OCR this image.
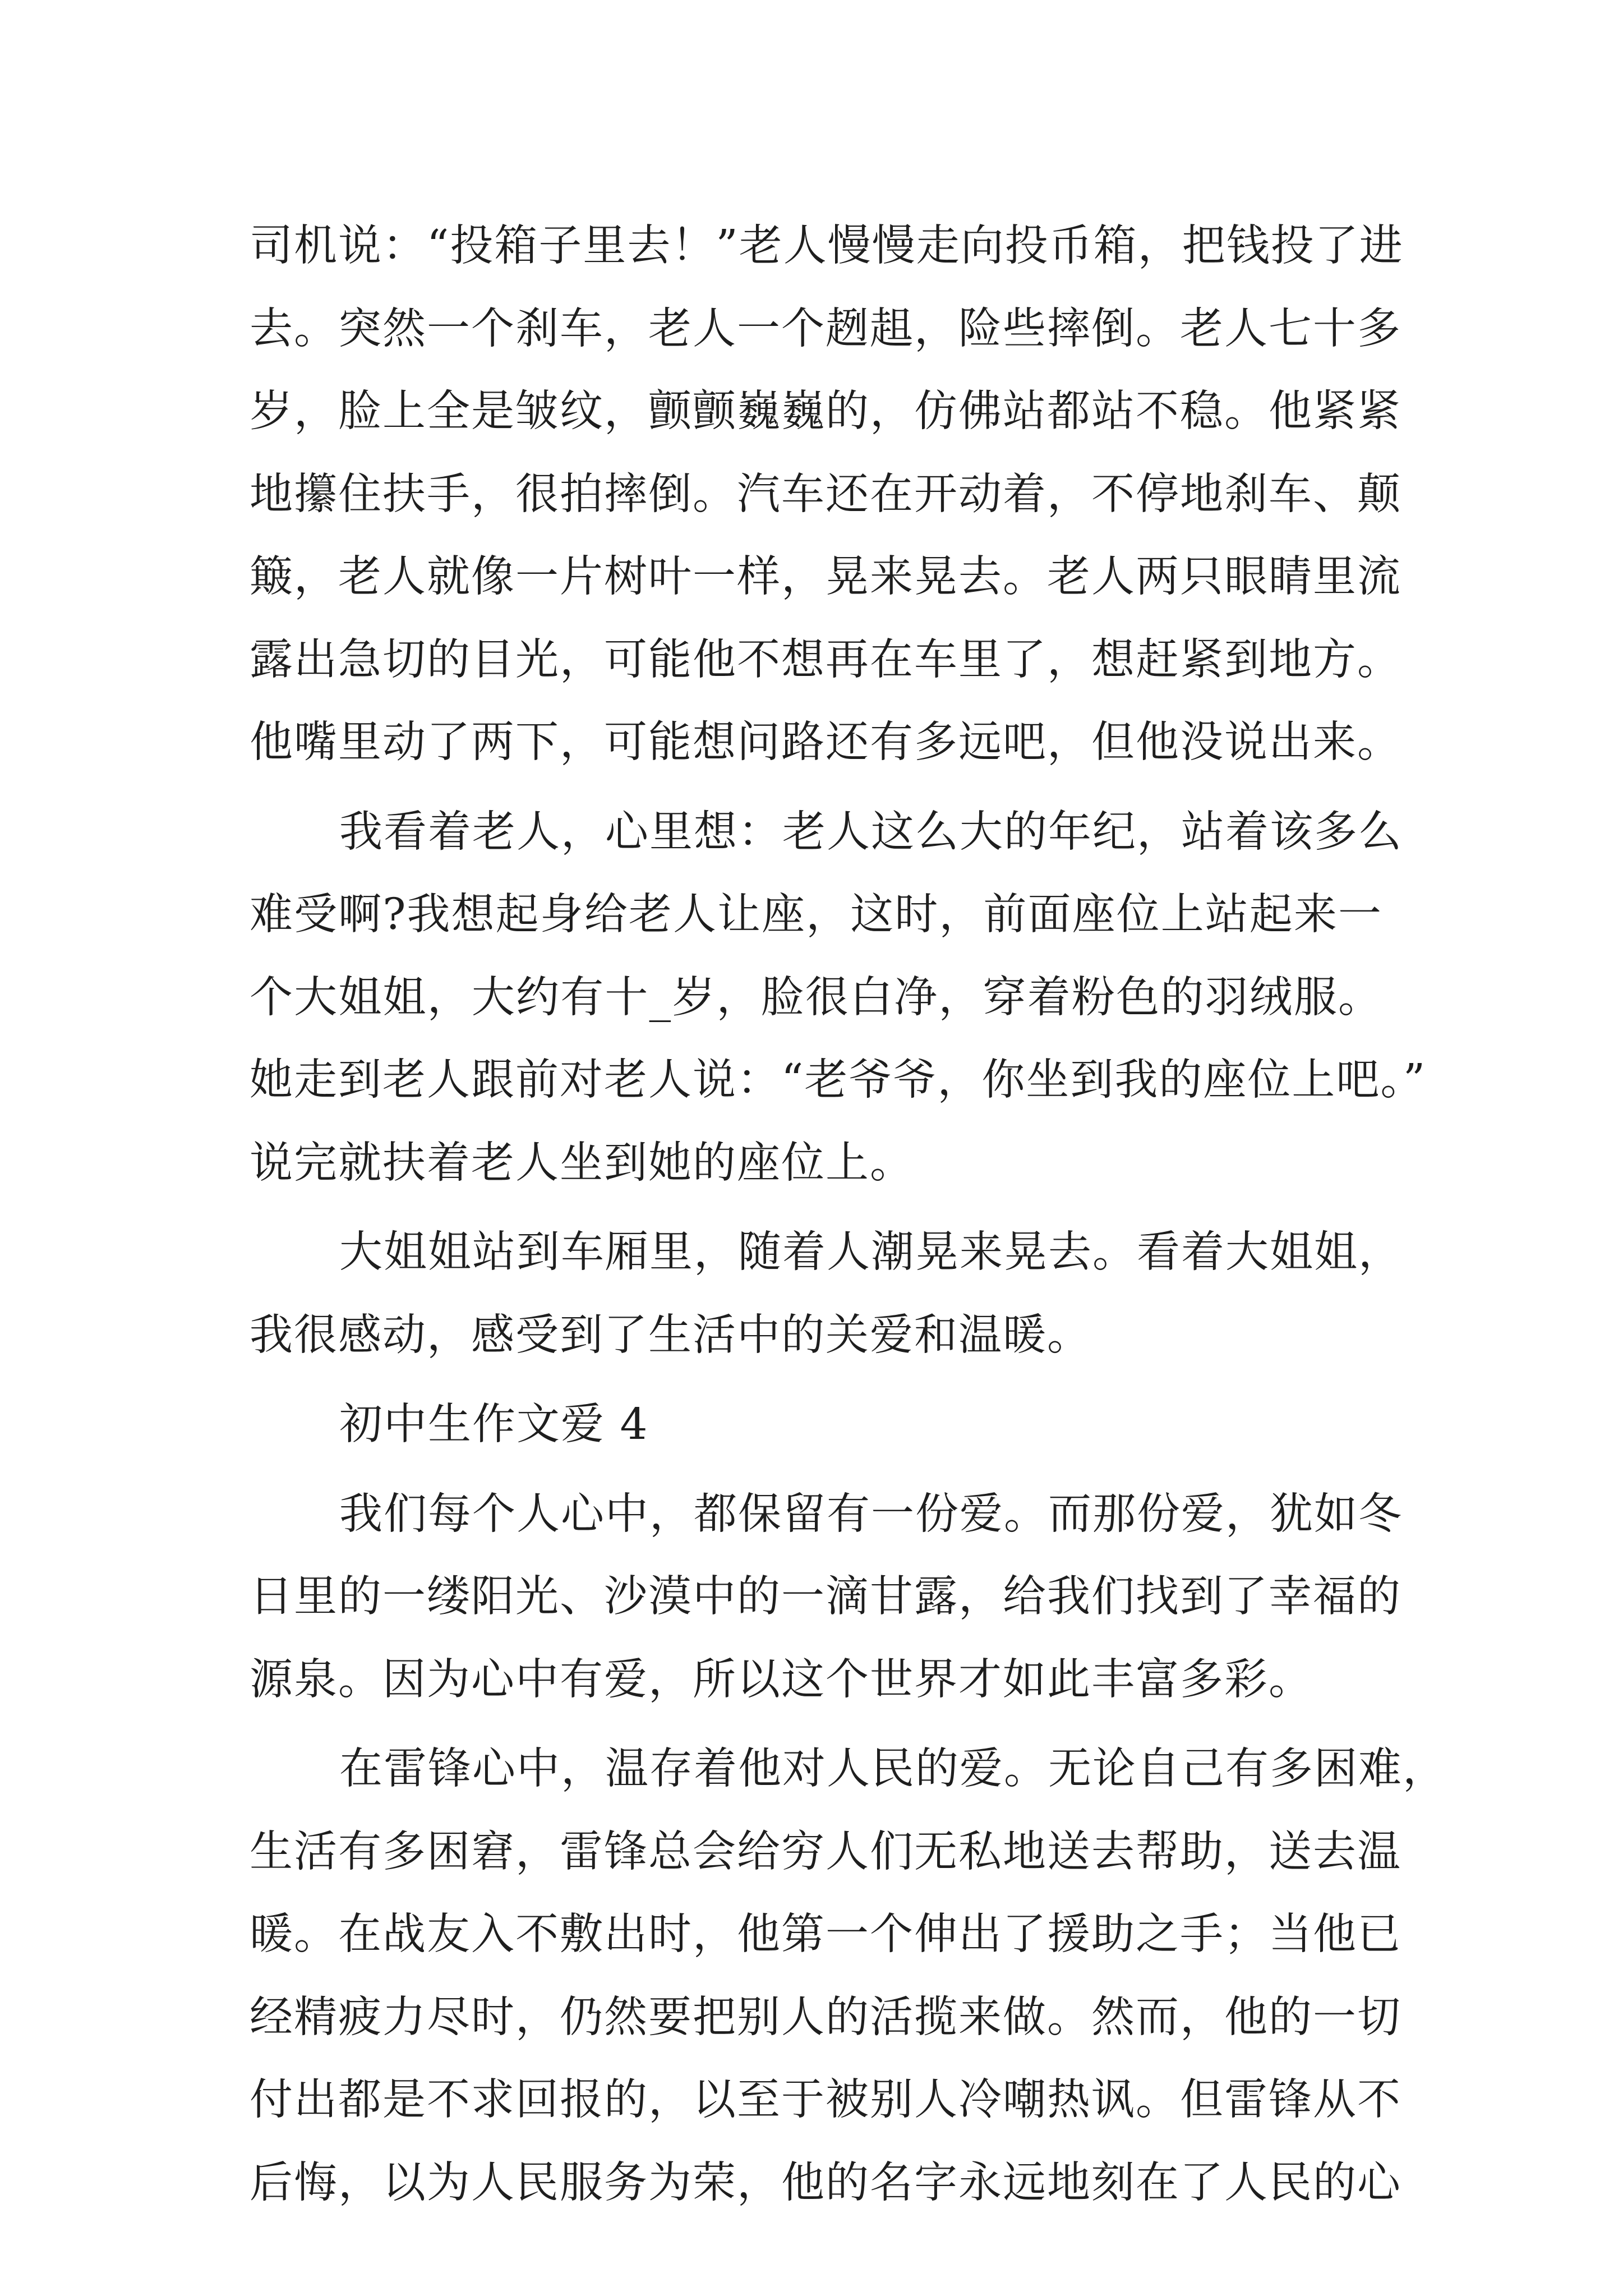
司机说：“投箱子里去！”老人慢慢走向投币箱，把钱投了进
去。突然一个刹车，老人一个趔趄，险些摔倒。老人七十多
岁，脸上全是皱纹，颤颤巍巍的，仿佛站都站不稳。他紧紧
地攥住扶手，很拍摔倒。汽车还在开动着，不停地刹车、颠
簸，老人就像一片树叶一样，晃来晃去。老人两只眼睛里流
露出急切的目光，可能他不想再在车里了，想赶紧到地方。
他嘴里动了两下，可能想问路还有多远吧，但他没说出来。
我看着老人，心里想：老人这么大的年纪，站着该多么
难受啊?我想起身给老人让座，这时，前面座位上站起来一
个大姐姐，大约有十_岁，脸很白净，穿着粉色的羽绒服。
她走到老人跟前对老人说：“老爷爷，你坐到我的座位上吧。”
说完就扶着老人坐到她的座位上。
大姐姐站到车厢里，随着人潮晃来晃去。看着大姐姐，
我很感动，感受到了生活中的关爱和温暖。
初中生作文爱 4
我们每个人心中，都保留有一份爱。而那份爱，犹如冬
日里的一缕阳光、沙漠中的一滴甘露，给我们找到了幸福的
源泉。因为心中有爱，所以这个世界才如此丰富多彩。
在雷锋心中，温存着他对人民的爱。无论自己有多困难，
生活有多困窘，雷锋总会给穷人们无私地送去帮助，送去温
暖。在战友入不敷出时，他第一个伸出了援助之手；当他已
经精疲力尽时，仍然要把别人的活揽来做。然而，他的一切
付出都是不求回报的，以至于被别人冷嘲热讽。但雷锋从不
后悔，以为人民服务为荣，他的名字永远地刻在了人民的心
